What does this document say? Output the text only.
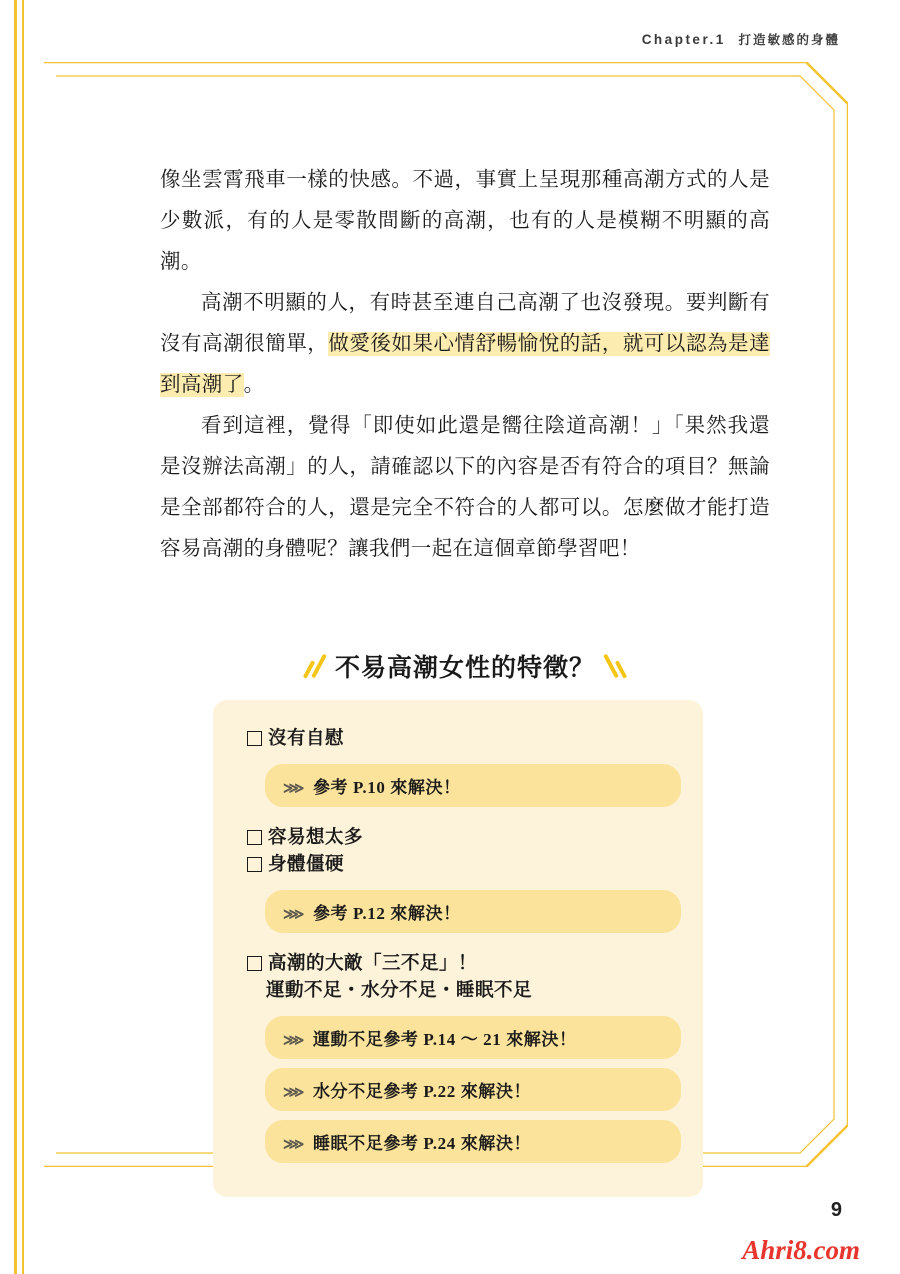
Chapter.1 打造敏感的身體

像坐雲霄飛車一樣的快感。不過，事實上呈現那種高潮方式的人是少數派，有的人是零散間斷的高潮，也有的人是模糊不明顯的高潮。

高潮不明顯的人，有時甚至連自己高潮了也沒發現。要判斷有沒有高潮很簡單，做愛後如果心情舒暢愉悅的話，就可以認為是達到高潮了。

看到這裡，覺得「即使如此還是嚮往陰道高潮！」「果然我還是沒辦法高潮」的人，請確認以下的內容是否有符合的項目？無論是全部都符合的人，還是完全不符合的人都可以。怎麼做才能打造容易高潮的身體呢？讓我們一起在這個章節學習吧！

不易高潮女性的特徵？

沒有自慰

⋙ 參考 P.10 來解決！

容易想太多

身體僵硬

⋙ 參考 P.12 來解決！

高潮的大敵「三不足」！

運動不足・水分不足・睡眠不足

⋙ 運動不足參考 P.14 ～ 21 來解決！
⋙ 水分不足參考 P.22 來解決！
⋙ 睡眠不足參考 P.24 來解決！
9
Ahri8.com
